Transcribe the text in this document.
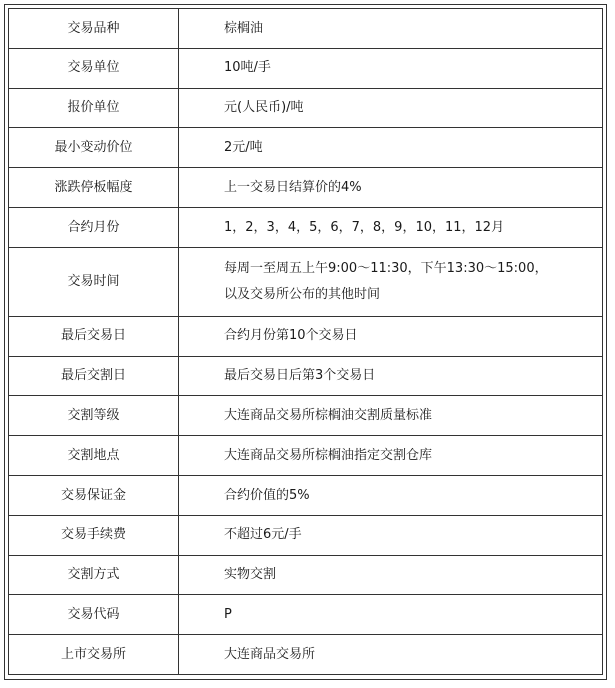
交易品种	棕榈油

交易单位	10吨/手

报价单位	元(人民币)/吨

最小变动价位	2元/吨

涨跌停板幅度	上一交易日结算价的4%

合约月份	1，2，3，4，5，6，7，8，9，10，11，12月

交易时间	每周一至周五上午9:00～11:30，下午13:30～15:00，
以及交易所公布的其他时间

最后交易日	合约月份第10个交易日

最后交割日	最后交易日后第3个交易日

交割等级	大连商品交易所棕榈油交割质量标准

交割地点	大连商品交易所棕榈油指定交割仓库

交易保证金	合约价值的5%

交易手续费	不超过6元/手

交割方式	实物交割

交易代码	P

上市交易所	大连商品交易所
